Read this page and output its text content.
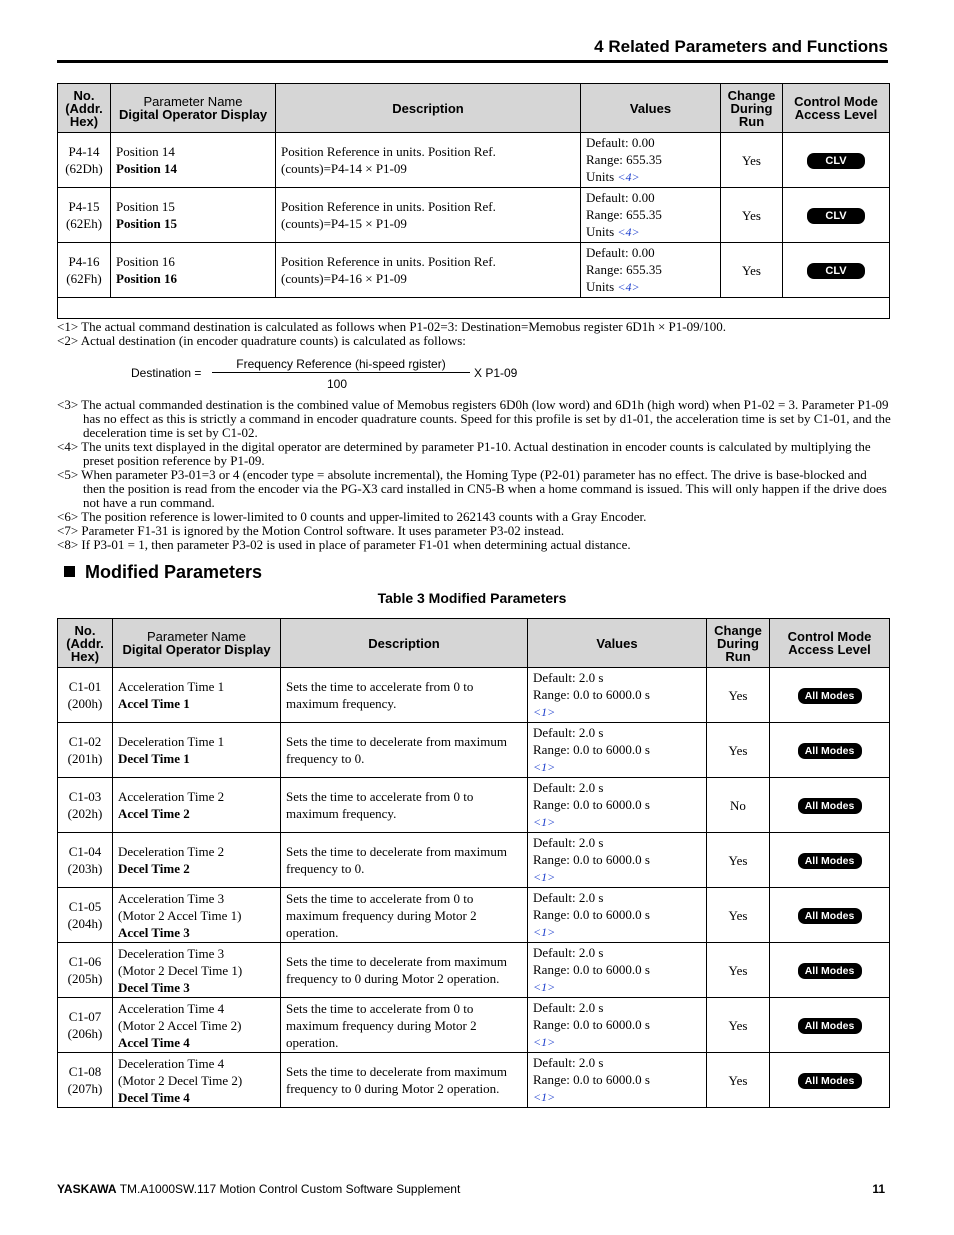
4 Related Parameters and Functions
No.
(Addr.
Hex)	Parameter Name
Digital Operator Display	Description	Values	Change
During
Run	Control Mode
Access Level
P4-14
(62Dh)	Position 14
Position 14	Position Reference in units. Position Ref.
(counts)=P4-14 × P1-09	Default: 0.00
Range: 655.35
Units <4>	Yes	CLV
P4-15
(62Eh)	Position 15
Position 15	Position Reference in units. Position Ref.
(counts)=P4-15 × P1-09	Default: 0.00
Range: 655.35
Units <4>	Yes	CLV
P4-16
(62Fh)	Position 16
Position 16	Position Reference in units. Position Ref.
(counts)=P4-16 × P1-09	Default: 0.00
Range: 655.35
Units <4>	Yes	CLV

<1> The actual command destination is calculated as follows when P1-02=3: Destination=Memobus register 6D1h × P1-09/100.

<2> Actual destination (in encoder quadrature counts) is calculated as follows:

Destination =
Frequency Reference (hi-speed rgister)
100
X P1-09

<3> The actual commanded destination is the combined value of Memobus registers 6D0h (low word) and 6D1h (high word) when P1-02 = 3. Parameter P1-09 has no effect as this is strictly a command in encoder quadrature counts. Speed for this profile is set by d1-01, the acceleration time is set by C1-01, and the deceleration time is set by C1-02.

<4> The units text displayed in the digital operator are determined by parameter P1-10. Actual destination in encoder counts is calculated by multiplying the preset position reference by P1-09.

<5> When parameter P3-01=3 or 4 (encoder type = absolute incremental), the Homing Type (P2-01) parameter has no effect. The drive is base-blocked and then the position is read from the encoder via the PG-X3 card installed in CN5-B when a home command is issued. This will only happen if the drive does not have a run command.

<6> The position reference is lower-limited to 0 counts and upper-limited to 262143 counts with a Gray Encoder.

<7> Parameter F1-31 is ignored by the Motion Control software. It uses parameter P3-02 instead.

<8> If P3-01 = 1, then parameter P3-02 is used in place of parameter F1-01 when determining actual distance.

Modified Parameters
Table 3 Modified Parameters
No.
(Addr.
Hex)	Parameter Name
Digital Operator Display	Description	Values	Change
During
Run	Control Mode
Access Level
C1-01
(200h)	Acceleration Time 1
Accel Time 1	Sets the time to accelerate from 0 to
maximum frequency.	Default: 2.0 s
Range: 0.0 to 6000.0 s
<1>	Yes	All Modes
C1-02
(201h)	Deceleration Time 1
Decel Time 1	Sets the time to decelerate from maximum
frequency to 0.	Default: 2.0 s
Range: 0.0 to 6000.0 s
<1>	Yes	All Modes
C1-03
(202h)	Acceleration Time 2
Accel Time 2	Sets the time to accelerate from 0 to
maximum frequency.	Default: 2.0 s
Range: 0.0 to 6000.0 s
<1>	No	All Modes
C1-04
(203h)	Deceleration Time 2
Decel Time 2	Sets the time to decelerate from maximum
frequency to 0.	Default: 2.0 s
Range: 0.0 to 6000.0 s
<1>	Yes	All Modes
C1-05
(204h)	Acceleration Time 3
(Motor 2 Accel Time 1)
Accel Time 3	Sets the time to accelerate from 0 to
maximum frequency during Motor 2
operation.	Default: 2.0 s
Range: 0.0 to 6000.0 s
<1>	Yes	All Modes
C1-06
(205h)	Deceleration Time 3
(Motor 2 Decel Time 1)
Decel Time 3	Sets the time to decelerate from maximum
frequency to 0 during Motor 2 operation.	Default: 2.0 s
Range: 0.0 to 6000.0 s
<1>	Yes	All Modes
C1-07
(206h)	Acceleration Time 4
(Motor 2 Accel Time 2)
Accel Time 4	Sets the time to accelerate from 0 to
maximum frequency during Motor 2
operation.	Default: 2.0 s
Range: 0.0 to 6000.0 s
<1>	Yes	All Modes
C1-08
(207h)	Deceleration Time 4
(Motor 2 Decel Time 2)
Decel Time 4	Sets the time to decelerate from maximum
frequency to 0 during Motor 2 operation.	Default: 2.0 s
Range: 0.0 to 6000.0 s
<1>	Yes	All Modes
YASKAWA TM.A1000SW.117 Motion Control Custom Software Supplement	11
